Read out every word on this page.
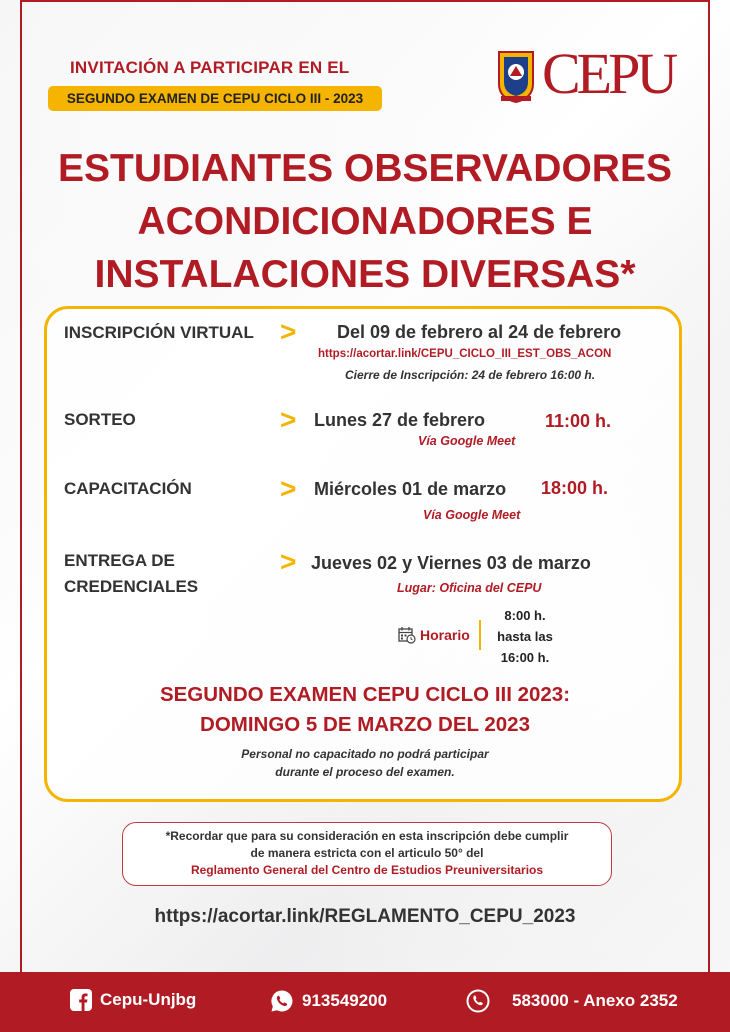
INVITACIÓN A PARTICIPAR EN EL
SEGUNDO EXAMEN DE CEPU CICLO III - 2023	CEPU
ESTUDIANTES OBSERVADORES
ACONDICIONADORES E
INSTALACIONES DIVERSAS*
INSCRIPCIÓN VIRTUAL > Del 09 de febrero al 24 de febrero
https://acortar.link/CEPU_CICLO_III_EST_OBS_ACON
Cierre de Inscripción: 24 de febrero 16:00 h.
SORTEO	> Lunes 27 de febrero	11:00 h.
Vía Google Meet
CAPACITACIÓN	> Miércoles 01 de marzo 18:00 h.
Vía Google Meet
ENTREGA DE
CREDENCIALES
> Jueves 02 y Viernes 03 de marzo
Lugar: Oficina del CEPU
Horario
8:00 h.
hasta las
16:00 h.
SEGUNDO EXAMEN CEPU CICLO III 2023:
DOMINGO 5 DE MARZO DEL 2023
Personal no capacitado no podrá participar
durante el proceso del examen.
*Recordar que para su consideración en esta inscripción debe cumplir
de manera estricta con el articulo 50° del
Reglamento General del Centro de Estudios Preuniversitarios
https://acortar.link/REGLAMENTO_CEPU_2023
Cepu-Unjbg	913549200	583000 - Anexo 2352
